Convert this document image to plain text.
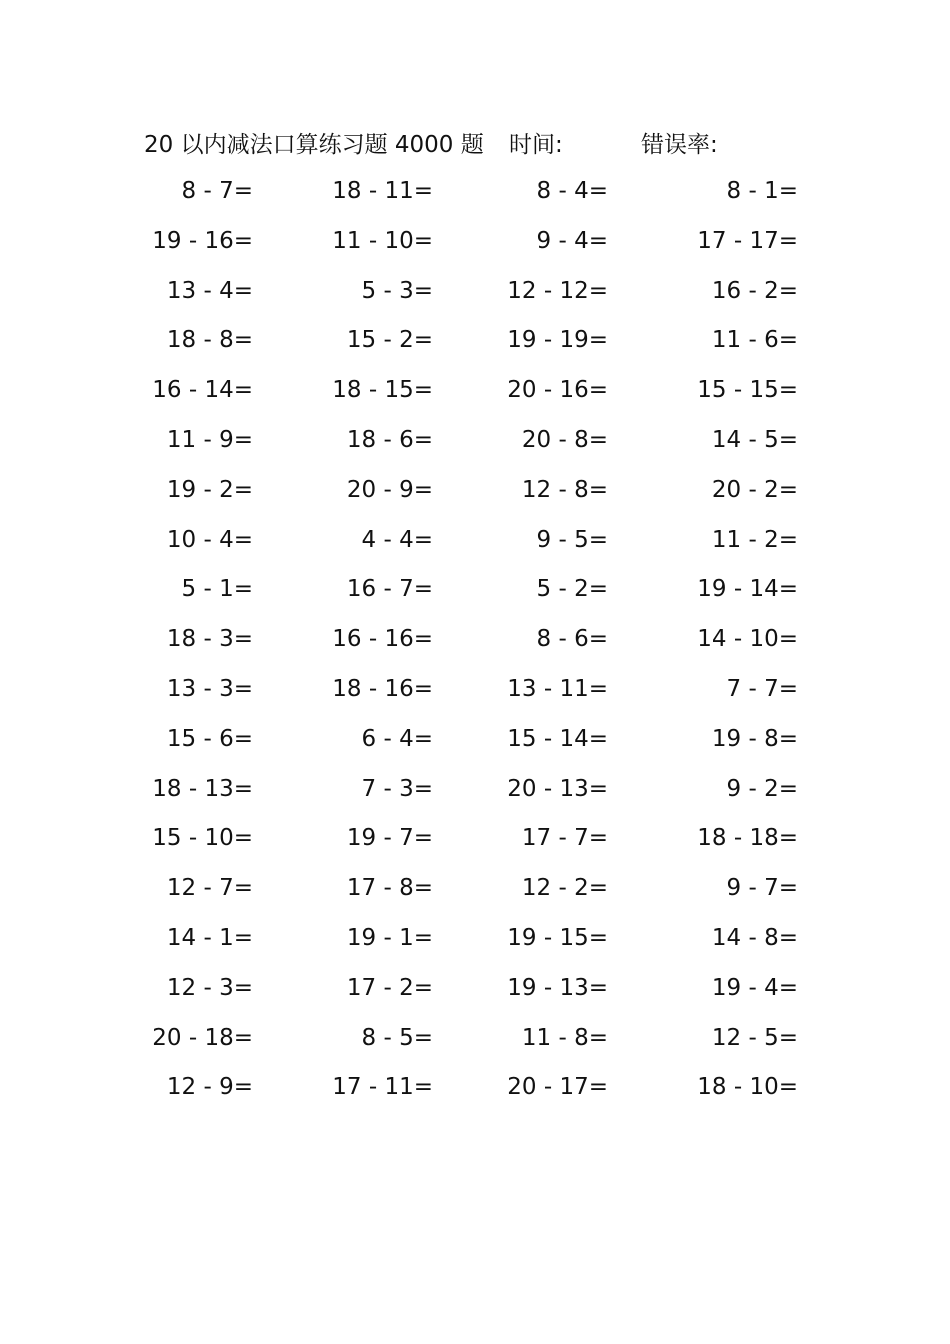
20 以内减法口算练习题 4000 题 时间:	错误率:
8 - 7=	18 - 11=	8 - 4=	8 - 1=
19 - 16=	11 - 10=	9 - 4=	17 - 17=
13 - 4=	5 - 3=	12 - 12=	16 - 2=
18 - 8=	15 - 2=	19 - 19=	11 - 6=
16 - 14=	18 - 15=	20 - 16=	15 - 15=
11 - 9=	18 - 6=	20 - 8=	14 - 5=
19 - 2=	20 - 9=	12 - 8=	20 - 2=
10 - 4=	4 - 4=	9 - 5=	11 - 2=
5 - 1=	16 - 7=	5 - 2=	19 - 14=
18 - 3=	16 - 16=	8 - 6=	14 - 10=
13 - 3=	18 - 16=	13 - 11=	7 - 7=
15 - 6=	6 - 4=	15 - 14=	19 - 8=
18 - 13=	7 - 3=	20 - 13=	9 - 2=
15 - 10=	19 - 7=	17 - 7=	18 - 18=
12 - 7=	17 - 8=	12 - 2=	9 - 7=
14 - 1=	19 - 1=	19 - 15=	14 - 8=
12 - 3=	17 - 2=	19 - 13=	19 - 4=
20 - 18=	8 - 5=	11 - 8=	12 - 5=
12 - 9=	17 - 11=	20 - 17=	18 - 10=
